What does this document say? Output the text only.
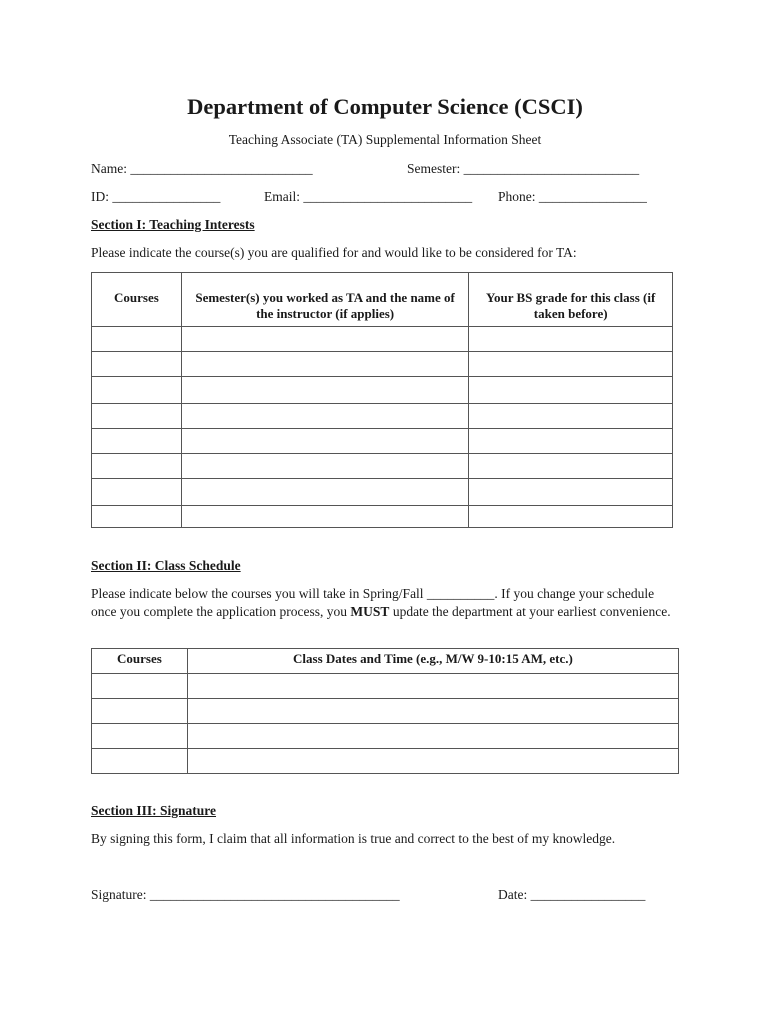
Department of Computer Science (CSCI)
Teaching Associate (TA) Supplemental Information Sheet
Name: ___________________________	Semester: __________________________
ID: ________________	Email: _________________________ Phone: ________________
Section I: Teaching Interests
Please indicate the course(s) you are qualified for and would like to be considered for TA:
Courses	Semester(s) you worked as TA and the name of the instructor (if applies)	Your BS grade for this class (if taken before)

Section II: Class Schedule
Please indicate below the courses you will take in Spring/Fall __________. If you change your schedule once you complete the application process, you MUST update the department at your earliest convenience.
Courses	Class Dates and Time (e.g., M/W 9-10:15 AM, etc.)

Section III: Signature
By signing this form, I claim that all information is true and correct to the best of my knowledge.
Signature: _____________________________________	Date: _________________
